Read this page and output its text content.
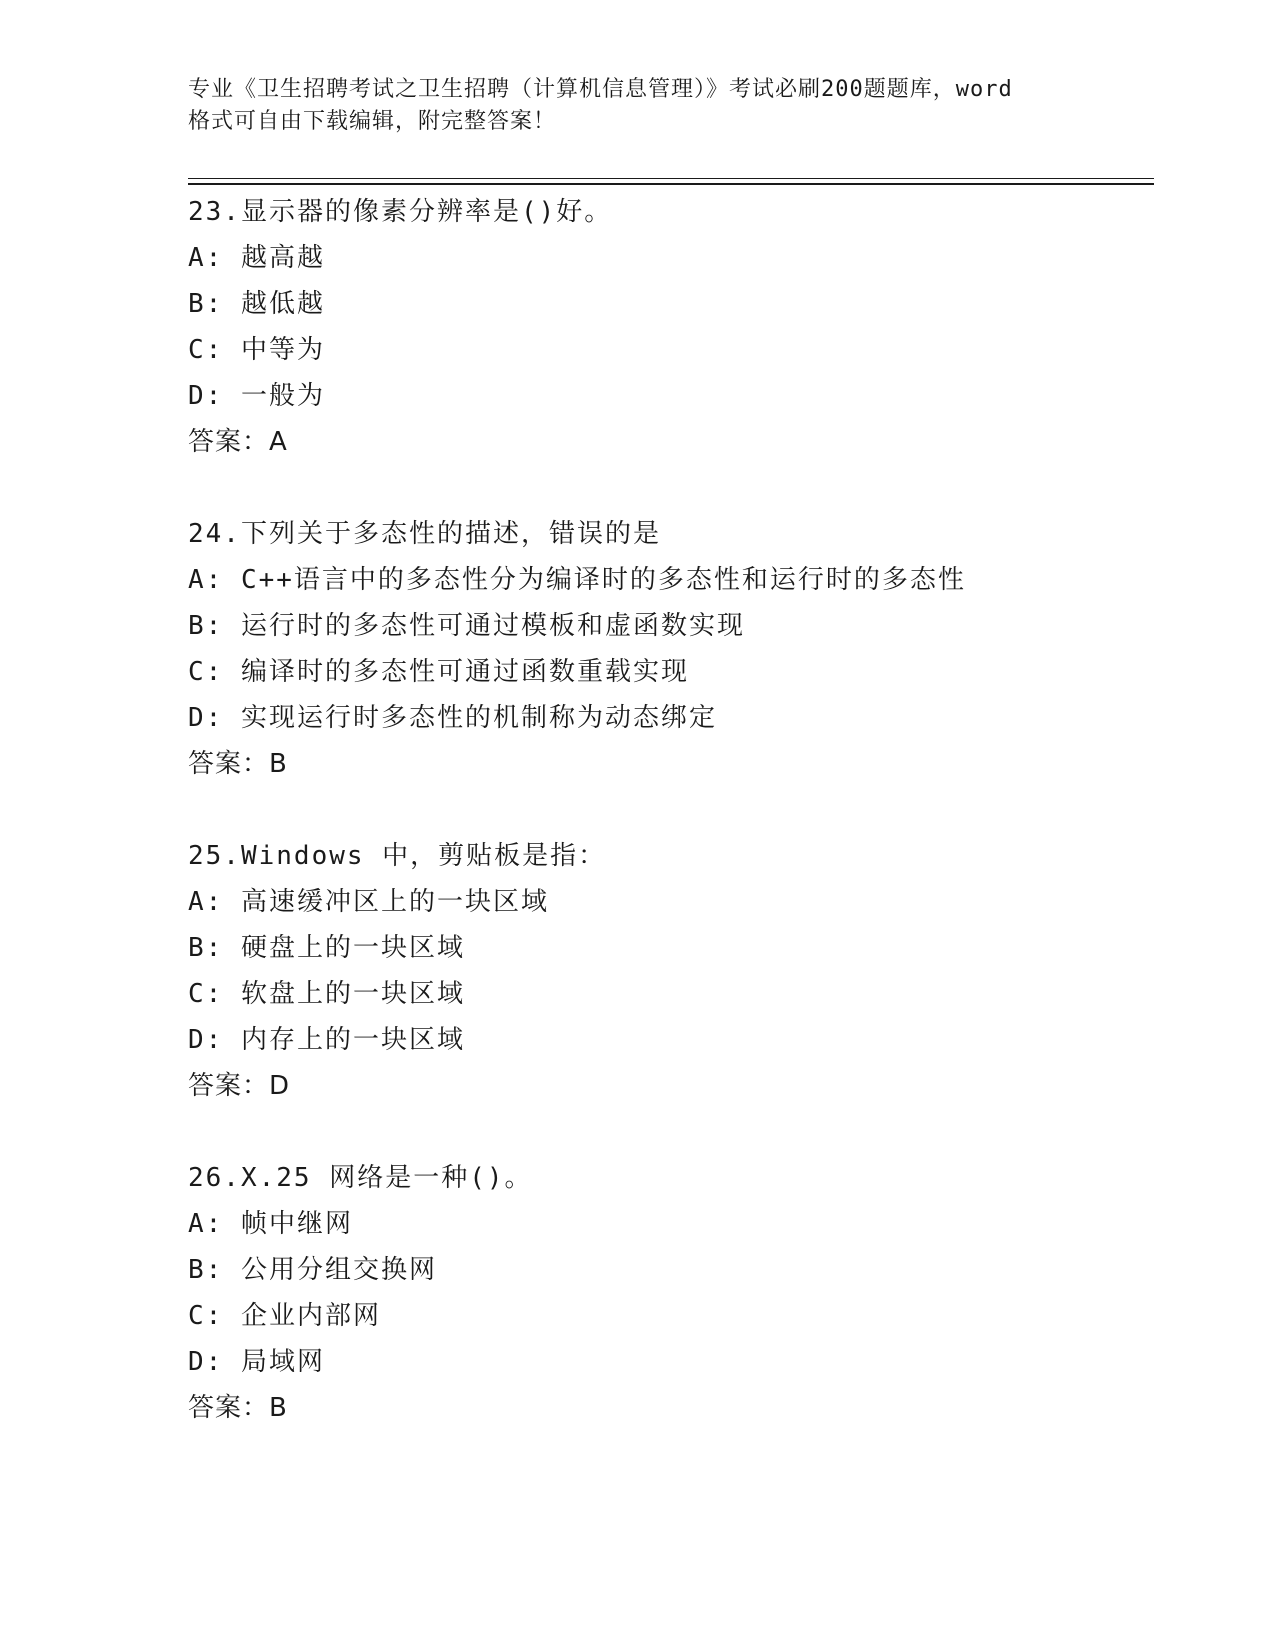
专业《卫生招聘考试之卫生招聘（计算机信息管理）》考试必刷200题题库，word
格式可自由下载编辑，附完整答案！
23.显示器的像素分辨率是()好。
A: 越高越
B: 越低越
C: 中等为
D: 一般为
答案：A
24.下列关于多态性的描述，错误的是
A: C++语言中的多态性分为编译时的多态性和运行时的多态性
B: 运行时的多态性可通过模板和虚函数实现
C: 编译时的多态性可通过函数重载实现
D: 实现运行时多态性的机制称为动态绑定
答案：B
25.Windows 中，剪贴板是指：
A: 高速缓冲区上的一块区域
B: 硬盘上的一块区域
C: 软盘上的一块区域
D: 内存上的一块区域
答案：D
26.X.25 网络是一种()。
A: 帧中继网
B: 公用分组交换网
C: 企业内部网
D: 局域网
答案：B
